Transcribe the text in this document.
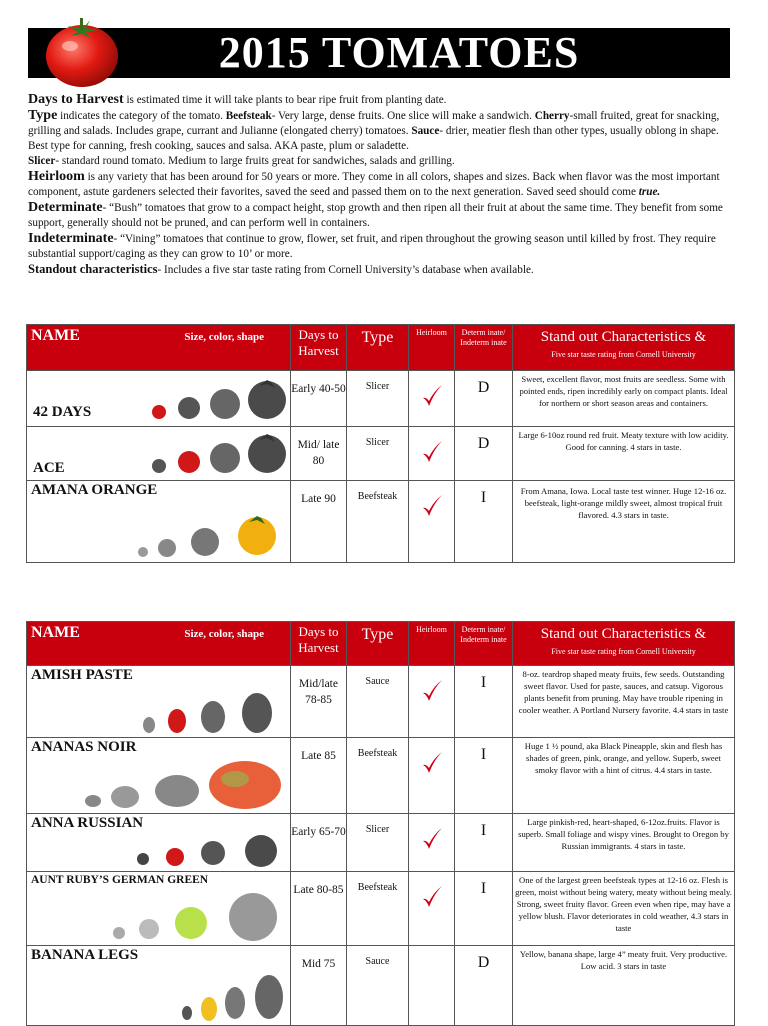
2015 TOMATOES

Days to Harvest is estimated time it will take plants to bear ripe fruit from planting date.

Type indicates the category of the tomato. Beefsteak- Very large, dense fruits. One slice will make a sandwich. Cherry-small fruited, great for snacking, grilling and salads. Includes grape, currant and Julianne (elongated cherry) tomatoes. Sauce- drier, meatier flesh than other types, usually oblong in shape. Best type for canning, fresh cooking, sauces and salsa. AKA paste, plum or saladette.

Slicer- standard round tomato. Medium to large fruits great for sandwiches, salads and grilling.

Heirloom is any variety that has been around for 50 years or more. They come in all colors, shapes and sizes. Back when flavor was the most important component, astute gardeners selected their favorites, saved the seed and passed them on to the next generation. Saved seed should come true.

Determinate- “Bush” tomatoes that grow to a compact height, stop growth and then ripen all their fruit at about the same time. They benefit from some support, generally should not be pruned, and can perform well in containers.

Indeterminate- “Vining” tomatoes that continue to grow, flower, set fruit, and ripen throughout the growing season until killed by frost. They require substantial support/caging as they can grow to 10’ or more.

Standout characteristics- Includes a five star taste rating from Cornell University’s database when available.

NAME Size, color, shape	Days to Harvest	Type	Heirloom	Determ inate/ Indeterm inate	Stand out Characteristics &
Five star taste rating from Cornell University

42 DAYS	Early 40-50	Slicer		D	Sweet, excellent flavor, most fruits are seedless. Some with pointed ends, ripen incredibly early on compact plants. Ideal for northern or short season areas and containers.

ACE	Mid/ late 80	Slicer		D	Large 6-10oz round red fruit. Meaty texture with low acidity. Good for canning. 4 stars in taste.

AMANA ORANGE	Late 90	Beefsteak		I	From Amana, Iowa. Local taste test winner. Huge 12-16 oz. beefsteak, light-orange mildly sweet, almost tropical fruit flavored. 4.3 stars in taste.
NAME Size, color, shape	Days to Harvest	Type	Heirloom	Determ inate/ Indeterm inate	Stand out Characteristics &
Five star taste rating from Cornell University

AMISH PASTE	Mid/late 78-85	Sauce		I	8-oz. teardrop shaped meaty fruits, few seeds. Outstanding sweet flavor. Used for paste, sauces, and catsup. Vigorous plants benefit from pruning. May have trouble ripening in cooler weather. A Portland Nursery favorite. 4.4 stars in taste

ANANAS NOIR	Late 85	Beefsteak		I	Huge 1 ½ pound, aka Black Pineapple, skin and flesh has shades of green, pink, orange, and yellow. Superb, sweet smoky flavor with a hint of citrus. 4.4 stars in taste.

ANNA RUSSIAN	Early 65-70	Slicer		I	Large pinkish-red, heart-shaped, 6-12oz.fruits. Flavor is superb. Small foliage and wispy vines. Brought to Oregon by Russian immigrants. 4 stars in taste.

AUNT RUBY’S GERMAN GREEN	Late 80-85	Beefsteak		I	One of the largest green beefsteak types at 12-16 oz. Flesh is green, moist without being watery, meaty without being mealy. Strong, sweet fruity flavor. Green even when ripe, may have a yellow blush. Flavor deteriorates in cold weather, 4.3 stars in taste

BANANA LEGS	Mid 75	Sauce		D	Yellow, banana shape, large 4” meaty fruit. Very productive. Low acid. 3 stars in taste
